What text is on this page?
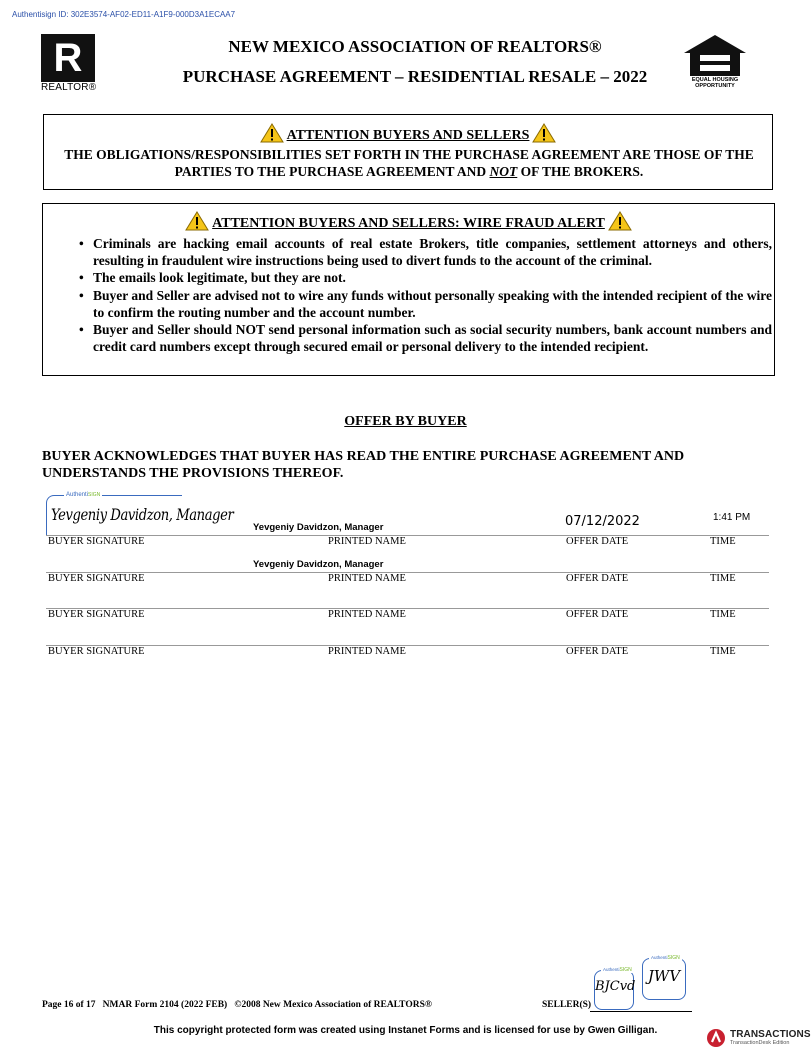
Authentisign ID: 302E3574-AF02-ED11-A1F9-000D3A1ECAA7
R
REALTOR®
NEW MEXICO ASSOCIATION OF REALTORS®
PURCHASE AGREEMENT – RESIDENTIAL RESALE – 2022	EQUAL HOUSING
OPPORTUNITY
ATTENTION BUYERS AND SELLERS
THE OBLIGATIONS/RESPONSIBILITIES SET FORTH IN THE PURCHASE AGREEMENT ARE THOSE OF THE PARTIES TO THE PURCHASE AGREEMENT AND NOT OF THE BROKERS.
ATTENTION BUYERS AND SELLERS: WIRE FRAUD ALERT
• Criminals are hacking email accounts of real estate Brokers, title companies, settlement attorneys and others, resulting in fraudulent wire instructions being used to divert funds to the account of the criminal.
• The emails look legitimate, but they are not.
• Buyer and Seller are advised not to wire any funds without personally speaking with the intended recipient of the wire to confirm the routing number and the account number.
• Buyer and Seller should NOT send personal information such as social security numbers, bank account numbers and credit card numbers except through secured email or personal delivery to the intended recipient.
OFFER BY BUYER
BUYER ACKNOWLEDGES THAT BUYER HAS READ THE ENTIRE PURCHASE AGREEMENT AND UNDERSTANDS THE PROVISIONS THEREOF.
AuthentiSIGN
Yevgeniy Davidzon, Manager
Yevgeniy Davidzon, Manager	07/12/2022	1:41 PM
BUYER SIGNATURE	PRINTED NAME	OFFER DATE	TIME
Yevgeniy Davidzon, Manager
BUYER SIGNATURE	PRINTED NAME	OFFER DATE	TIME
BUYER SIGNATURE	PRINTED NAME	OFFER DATE	TIME
BUYER SIGNATURE	PRINTED NAME	OFFER DATE	TIME
Page 16 of 17   NMAR Form 2104 (2022 FEB)   ©2008 New Mexico Association of REALTORS®	SELLER(S)
AuthentiSIGN
BJCvd
AuthentiSIGN
JWV
This copyright protected form was created using Instanet Forms and is licensed for use by Gwen Gilligan.	TRANSACTIONS
TransactionDesk Edition
